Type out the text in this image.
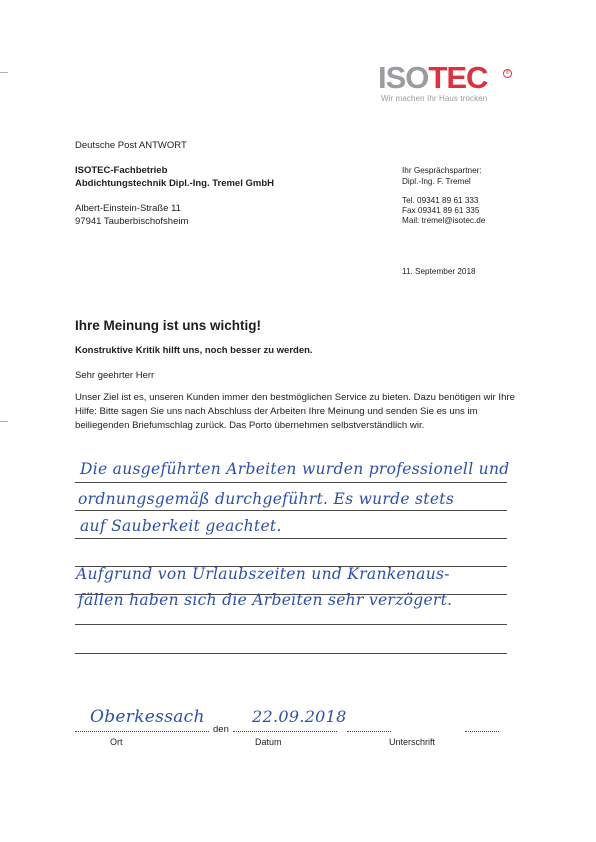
ISOTEC	®
Wir machen Ihr Haus trocken
Deutsche Post ANTWORT
ISOTEC-Fachbetrieb
Abdichtungstechnik Dipl.-Ing. Tremel GmbH
Albert-Einstein-Straße 11
97941 Tauberbischofsheim
Ihr Gesprächspartner:
Dipl.-Ing. F. Tremel
Tel. 09341 89 61 333
Fax 09341 89 61 335
Mail: tremel@isotec.de
11. September 2018
Ihre Meinung ist uns wichtig!
Konstruktive Kritik hilft uns, noch besser zu werden.
Sehr geehrter Herr
Unser Ziel ist es, unseren Kunden immer den bestmöglichen Service zu bieten. Dazu benötigen wir Ihre Hilfe: Bitte sagen Sie uns nach Abschluss der Arbeiten Ihre Meinung und senden Sie es uns im beiliegenden Briefumschlag zurück. Das Porto übernehmen selbstverständlich wir.
Die ausgeführten Arbeiten wurden professionell und
ordnungsgemäß durchgeführt. Es wurde stets
auf Sauberkeit geachtet.
Aufgrund von Urlaubszeiten und Krankenaus-
fällen haben sich die Arbeiten sehr verzögert.
Oberkessach	22.09.2018
den
Ort	Datum	Unterschrift
